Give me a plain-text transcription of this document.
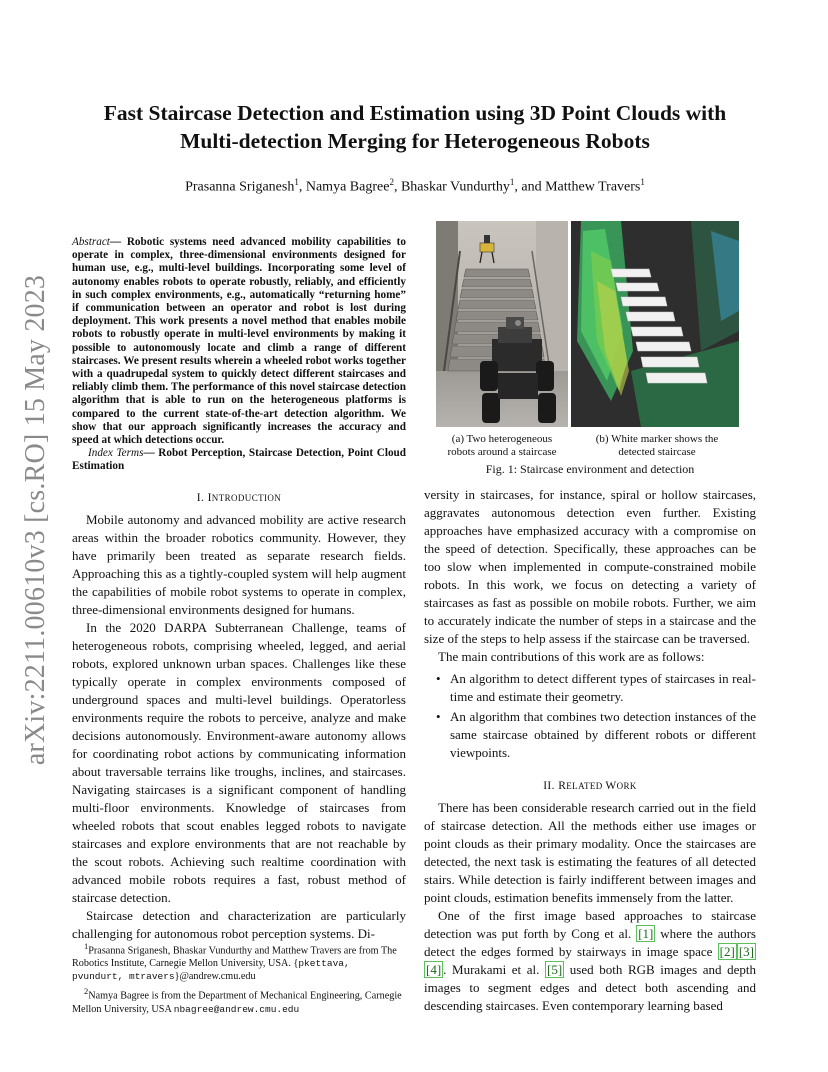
arXiv:2211.00610v3 [cs.RO] 15 May 2023
Fast Staircase Detection and Estimation using 3D Point Clouds with
Multi-detection Merging for Heterogeneous Robots
Prasanna Sriganesh$^1$, Namya Bagree$^2$, Bhaskar Vundurthy$^1$, and Matthew Travers$^1$

Abstract— Robotic systems need advanced mobility capabilities to operate in complex, three-dimensional environments designed for human use, e.g., multi-level buildings. Incorporating some level of autonomy enables robots to operate robustly, reliably, and efficiently in such complex environments, e.g., automatically “returning home” if communication between an operator and robot is lost during deployment. This work presents a novel method that enables mobile robots to robustly operate in multi-level environments by making it possible to autonomously locate and climb a range of different staircases. We present results wherein a wheeled robot works together with a quadrupedal system to quickly detect different staircases and reliably climb them. The performance of this novel staircase detection algorithm that is able to run on the heterogeneous platforms is compared to the current state-of-the-art detection algorithm. We show that our approach significantly increases the accuracy and speed at which detections occur.

Index Terms— Robot Perception, Staircase Detection, Point Cloud Estimation

I. INTRODUCTION

Mobile autonomy and advanced mobility are active research areas within the broader robotics community. However, they have primarily been treated as separate research fields. Approaching this as a tightly-coupled system will help augment the capabilities of mobile robot systems to operate in complex, three-dimensional environments designed for humans.

In the 2020 DARPA Subterranean Challenge, teams of heterogeneous robots, comprising wheeled, legged, and aerial robots, explored unknown urban spaces. Challenges like these typically operate in complex environments composed of underground spaces and multi-level buildings. Operatorless environments require the robots to perceive, analyze and make decisions autonomously. Environment-aware autonomy allows for coordinating robot actions by communicating information about traversable terrains like troughs, inclines, and staircases. Navigating staircases is a significant component of handling multi-floor environments. Knowledge of staircases from wheeled robots that scout enables legged robots to navigate staircases and explore environments that are not reachable by the scout robots. Achieving such realtime coordination with advanced mobile robots requires a fast, robust method of staircase detection.

Staircase detection and characterization are particularly challenging for autonomous robot perception systems. Di-

$^1$Prasanna Sriganesh, Bhaskar Vundurthy and Matthew Travers are from The Robotics Institute, Carnegie Mellon University, USA. {pkettava, pvundurt, mtravers}@andrew.cmu.edu

$^2$Namya Bagree is from the Department of Mechanical Engineering, Carnegie Mellon University, USA nbagree@andrew.cmu.edu

(a) Two heterogeneous
robots around a staircase
(b) White marker shows the
detected staircase
Fig. 1: Staircase environment and detection

versity in staircases, for instance, spiral or hollow staircases, aggravates autonomous detection even further. Existing approaches have emphasized accuracy with a compromise on the speed of detection. Specifically, these approaches can be too slow when implemented in compute-constrained mobile robots. In this work, we focus on detecting a variety of staircases as fast as possible on mobile robots. Further, we aim to accurately indicate the number of steps in a staircase and the size of the steps to help assess if the staircase can be traversed.

The main contributions of this work are as follows:

• An algorithm to detect different types of staircases in real-time and estimate their geometry.
• An algorithm that combines two detection instances of the same staircase obtained by different robots or different viewpoints.
II. RELATED WORK

There has been considerable research carried out in the field of staircase detection. All the methods either use images or point clouds as their primary modality. Once the staircases are detected, the next task is estimating the features of all detected stairs. While detection is fairly indifferent between images and point clouds, estimation benefits immensely from the latter.

One of the first image based approaches to staircase detection was put forth by Cong et al. [1] where the authors detect the edges formed by stairways in image space [2] [3][4] . Murakami et al. [5] used both RGB images and depth images to segment edges and detect both ascending and descending staircases. Even contemporary learning based
